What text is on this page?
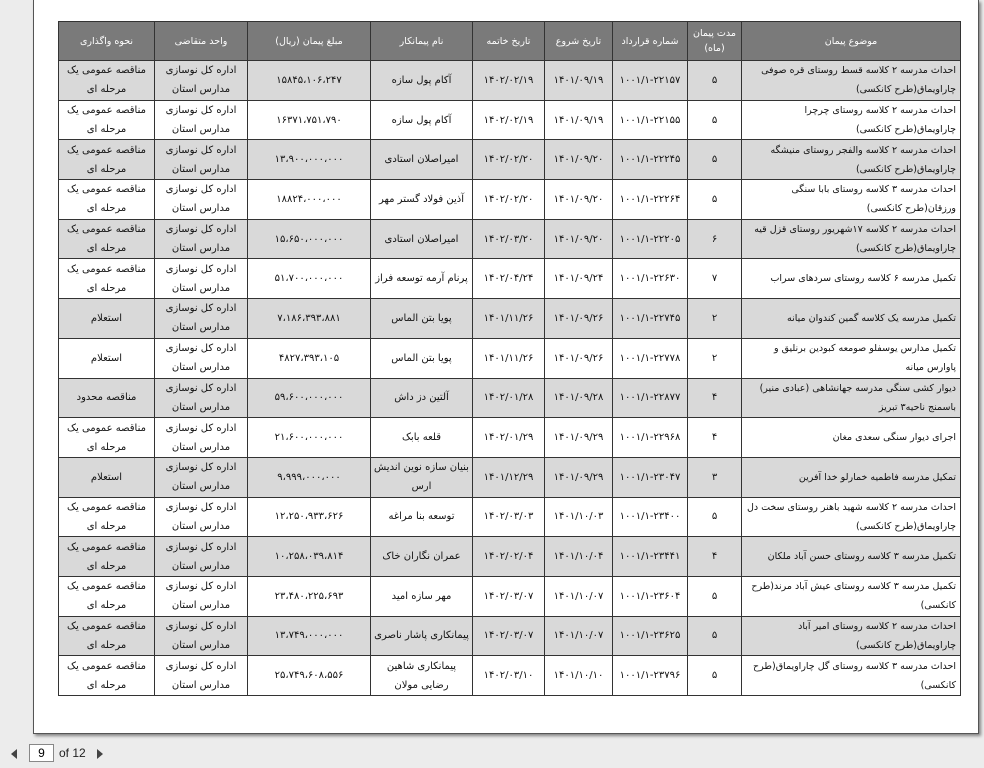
موضوع پیمان	مدت پیمان (ماه)	شماره قرارداد	تاریخ شروع	تاریخ خاتمه	نام پیمانکار	مبلغ پیمان (ریال)	واحد متقاضی	نحوه واگذاری
احداث مدرسه ۲ کلاسه قسط روستای قره صوفی چاراویماق(طرح کانکسی)	۵	۱۰۰۱/۱-۲۲۱۵۷	۱۴۰۱/۰۹/۱۹	۱۴۰۲/۰۲/۱۹	آکام پول سازه	۱۵۸۴۵،۱۰۶،۲۴۷	اداره کل نوسازی مدارس استان	مناقصه عمومی یک مرحله ای
احداث مدرسه ۲ کلاسه روستای چرچرا چاراویماق(طرح کانکسی)	۵	۱۰۰۱/۱-۲۲۱۵۵	۱۴۰۱/۰۹/۱۹	۱۴۰۲/۰۲/۱۹	آکام پول سازه	۱۶۳۷۱،۷۵۱،۷۹۰	اداره کل نوسازی مدارس استان	مناقصه عمومی یک مرحله ای
احداث مدرسه ۲ کلاسه والفجر روستای منیشگه چاراویماق(طرح کانکسی)	۵	۱۰۰۱/۱-۲۲۲۴۵	۱۴۰۱/۰۹/۲۰	۱۴۰۲/۰۲/۲۰	امیراصلان استادی	۱۳،۹۰۰،۰۰۰،۰۰۰	اداره کل نوسازی مدارس استان	مناقصه عمومی یک مرحله ای
احداث مدرسه ۳ کلاسه روستای بابا سنگی ورزقان(طرح کانکسی)	۵	۱۰۰۱/۱-۲۲۲۶۴	۱۴۰۱/۰۹/۲۰	۱۴۰۲/۰۲/۲۰	آذین فولاد گستر مهر	۱۸۸۲۴،۰۰۰،۰۰۰	اداره کل نوسازی مدارس استان	مناقصه عمومی یک مرحله ای
احداث مدرسه ۲ کلاسه ۱۷شهریور روستای قزل قیه چاراویماق(طرح کانکسی)	۶	۱۰۰۱/۱-۲۲۲۰۵	۱۴۰۱/۰۹/۲۰	۱۴۰۲/۰۳/۲۰	امیراصلان استادی	۱۵،۶۵۰،۰۰۰،۰۰۰	اداره کل نوسازی مدارس استان	مناقصه عمومی یک مرحله ای
تکمیل مدرسه ۶ کلاسه روستای سردهای سراب	۷	۱۰۰۱/۱-۲۲۶۳۰	۱۴۰۱/۰۹/۲۴	۱۴۰۲/۰۴/۲۴	پرنام آرمه توسعه فراز	۵۱،۷۰۰،۰۰۰،۰۰۰	اداره کل نوسازی مدارس استان	مناقصه عمومی یک مرحله ای
تکمیل مدرسه یک کلاسه گمین کندوان میانه	۲	۱۰۰۱/۱-۲۲۷۴۵	۱۴۰۱/۰۹/۲۶	۱۴۰۱/۱۱/۲۶	پویا بتن الماس	۷،۱۸۶،۳۹۳،۸۸۱	اداره کل نوسازی مدارس استان	استعلام
تکمیل مدارس یوسفلو صومعه کبودین برنلیق و پاوارس میانه	۲	۱۰۰۱/۱-۲۲۷۷۸	۱۴۰۱/۰۹/۲۶	۱۴۰۱/۱۱/۲۶	پویا بتن الماس	۴۸۲۷،۳۹۳،۱۰۵	اداره کل نوسازی مدارس استان	استعلام
دیوار کشی سنگی مدرسه جهانشاهی (عبادی منیر) باسمنج ناحیه۳ تبریز	۴	۱۰۰۱/۱-۲۲۸۷۷	۱۴۰۱/۰۹/۲۸	۱۴۰۲/۰۱/۲۸	آلتین دز داش	۵۹،۶۰۰،۰۰۰،۰۰۰	اداره کل نوسازی مدارس استان	مناقصه محدود
اجرای دیوار سنگی سعدی مغان	۴	۱۰۰۱/۱-۲۲۹۶۸	۱۴۰۱/۰۹/۲۹	۱۴۰۲/۰۱/۲۹	قلعه بابک	۲۱،۶۰۰،۰۰۰،۰۰۰	اداره کل نوسازی مدارس استان	مناقصه عمومی یک مرحله ای
تمکیل مدرسه فاطمیه خمارلو خدا آفرین	۳	۱۰۰۱/۱-۲۳۰۴۷	۱۴۰۱/۰۹/۲۹	۱۴۰۱/۱۲/۲۹	بنیان سازه نوین اندیش ارس	۹،۹۹۹،۰۰۰،۰۰۰	اداره کل نوسازی مدارس استان	استعلام
احداث مدرسه ۲ کلاسه شهید باهنر روستای سخت دل چاراویماق(طرح کانکسی)	۵	۱۰۰۱/۱-۲۳۴۰۰	۱۴۰۱/۱۰/۰۳	۱۴۰۲/۰۳/۰۳	توسعه بنا مراغه	۱۲،۲۵۰،۹۳۳،۶۲۶	اداره کل نوسازی مدارس استان	مناقصه عمومی یک مرحله ای
تکمیل مدرسه ۳ کلاسه روستای حسن آباد ملکان	۴	۱۰۰۱/۱-۲۳۴۴۱	۱۴۰۱/۱۰/۰۴	۱۴۰۲/۰۲/۰۴	عمران نگاران خاک	۱۰،۲۵۸،۰۳۹،۸۱۴	اداره کل نوسازی مدارس استان	مناقصه عمومی یک مرحله ای
تکمیل مدرسه ۳ کلاسه روستای عیش آباد مرند(طرح کانکسی)	۵	۱۰۰۱/۱-۲۳۶۰۴	۱۴۰۱/۱۰/۰۷	۱۴۰۲/۰۳/۰۷	مهر سازه امید	۲۳،۴۸۰،۲۲۵،۶۹۳	اداره کل نوسازی مدارس استان	مناقصه عمومی یک مرحله ای
احداث مدرسه ۲ کلاسه روستای امیر آباد چاراویماق(طرح کانکسی)	۵	۱۰۰۱/۱-۲۳۶۲۵	۱۴۰۱/۱۰/۰۷	۱۴۰۲/۰۳/۰۷	پیمانکاری پاشار ناصری	۱۳،۷۴۹،۰۰۰،۰۰۰	اداره کل نوسازی مدارس استان	مناقصه عمومی یک مرحله ای
احداث مدرسه ۳ کلاسه روستای گل چاراویماق(طرح کانکسی)	۵	۱۰۰۱/۱-۲۳۷۹۶	۱۴۰۱/۱۰/۱۰	۱۴۰۲/۰۳/۱۰	پیمانکاری شاهین رضایی مولان	۲۵،۷۴۹،۶۰۸،۵۵۶	اداره کل نوسازی مدارس استان	مناقصه عمومی یک مرحله ای
9
of 12
